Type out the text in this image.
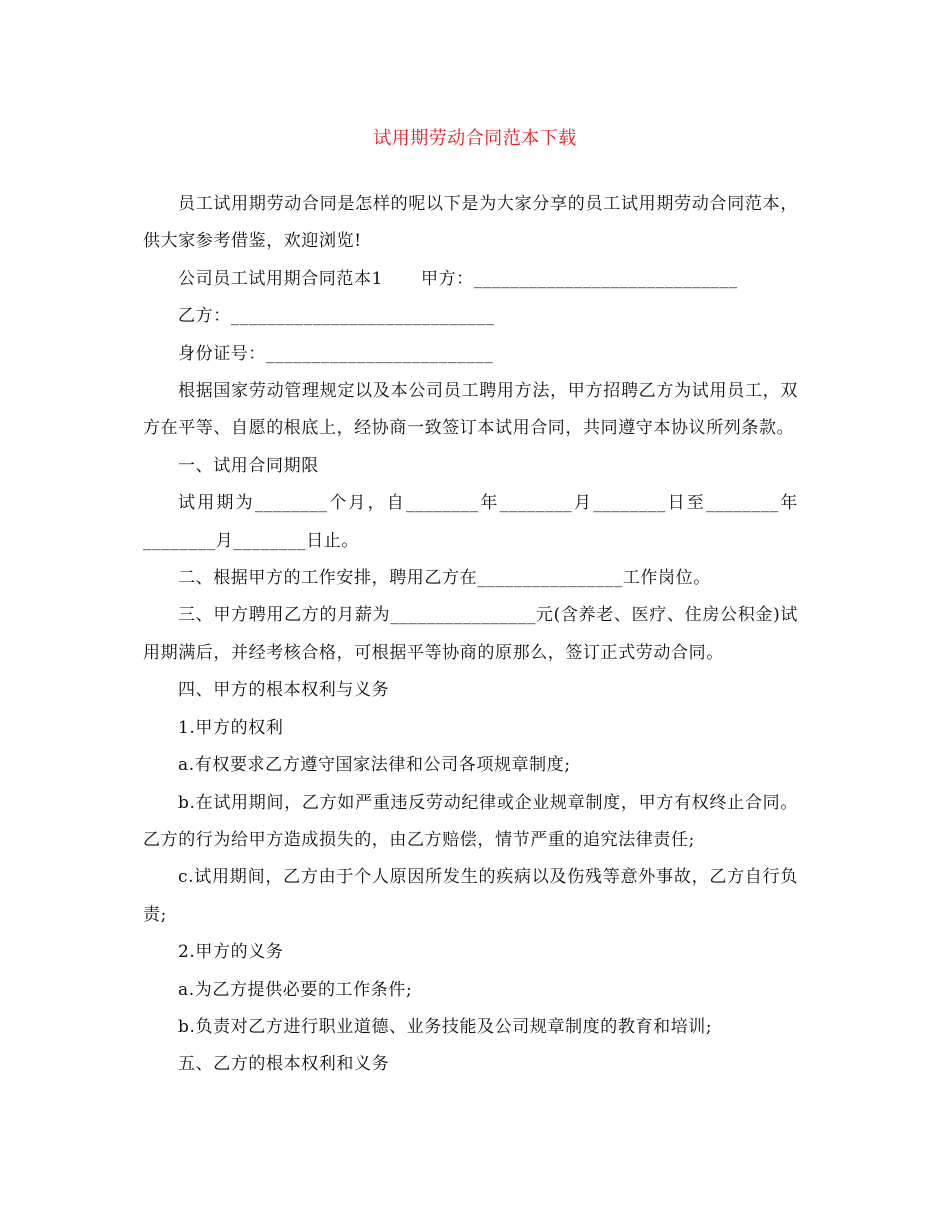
试用期劳动合同范本下载

员工试用期劳动合同是怎样的呢以下是为大家分享的员工试用期劳动合同范本，供大家参考借鉴，欢迎浏览!

公司员工试用期合同范本1 甲方：_____________________________

乙方：_____________________________

身份证号：_________________________

根据国家劳动管理规定以及本公司员工聘用方法，甲方招聘乙方为试用员工，双方在平等、自愿的根底上，经协商一致签订本试用合同，共同遵守本协议所列条款。

一、试用合同期限

试用期为________个月，自________年________月________日至________年________月________日止。

二、根据甲方的工作安排，聘用乙方在________________工作岗位。

三、甲方聘用乙方的月薪为________________元(含养老、医疗、住房公积金)试用期满后，并经考核合格，可根据平等协商的原那么，签订正式劳动合同。

四、甲方的根本权利与义务

1.甲方的权利

a.有权要求乙方遵守国家法律和公司各项规章制度;

b.在试用期间，乙方如严重违反劳动纪律或企业规章制度，甲方有权终止合同。乙方的行为给甲方造成损失的，由乙方赔偿，情节严重的追究法律责任;

c.试用期间，乙方由于个人原因所发生的疾病以及伤残等意外事故，乙方自行负责;

2.甲方的义务

a.为乙方提供必要的工作条件;

b.负责对乙方进行职业道德、业务技能及公司规章制度的教育和培训;

五、乙方的根本权利和义务
